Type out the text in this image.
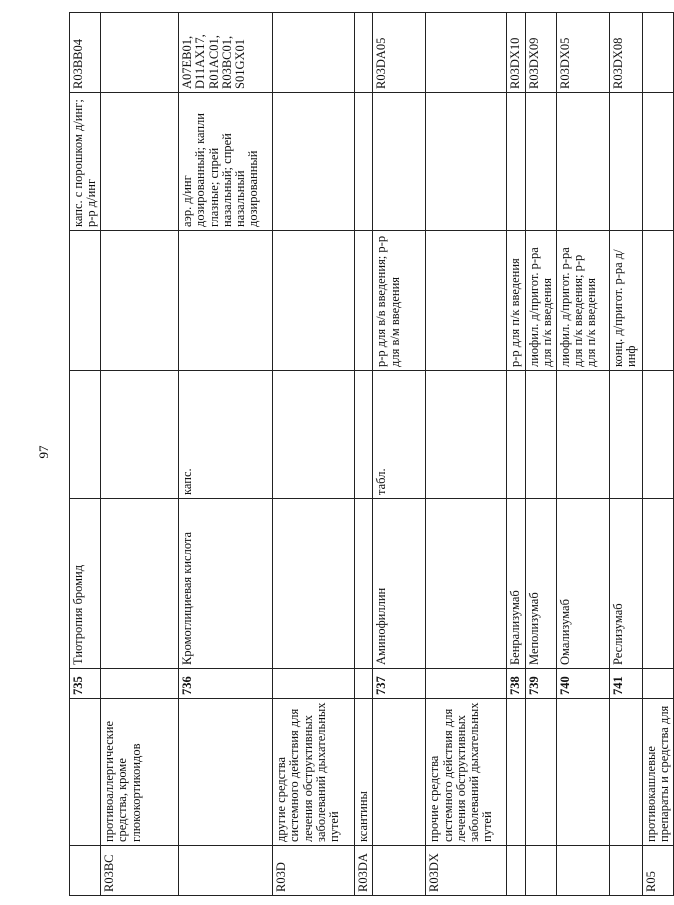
97
		735	Тиотропия бромид			капс. с порошком д/инг; р-р д/инг	R03BB04
R03BC	противоаллергические средства, кроме глюкокортикоидов						
		736	Кромоглициевая кислота	капс.		аэр. д/инг дозированный; капли глазные; спрей назальный; спрей назальный дозированный	A07EB01, D11AX17, R01AC01, R03BC01, S01GX01
R03D	другие средства системного действия для лечения обструктивных заболеваний дыхательных путей						
R03DA	ксантины						
		737	Аминофиллин	табл.	р-р для в/в введения; р-р для в/м введения		R03DA05
R03DX	прочие средства системного действия для лечения обструктивных заболеваний дыхательных путей						
		738	Бенрализумаб		р-р для п/к введения		R03DX10
		739	Меполизумаб		лиофил. д/пригот. р-ра для п/к введения		R03DX09
		740	Омализумаб		лиофил. д/пригот. р-ра для п/к введения; р-р для п/к введения		R03DX05
		741	Реслизумаб		конц. д/пригот. р-ра д/инф		R03DX08
R05	противокашлевые препараты и средства для						
